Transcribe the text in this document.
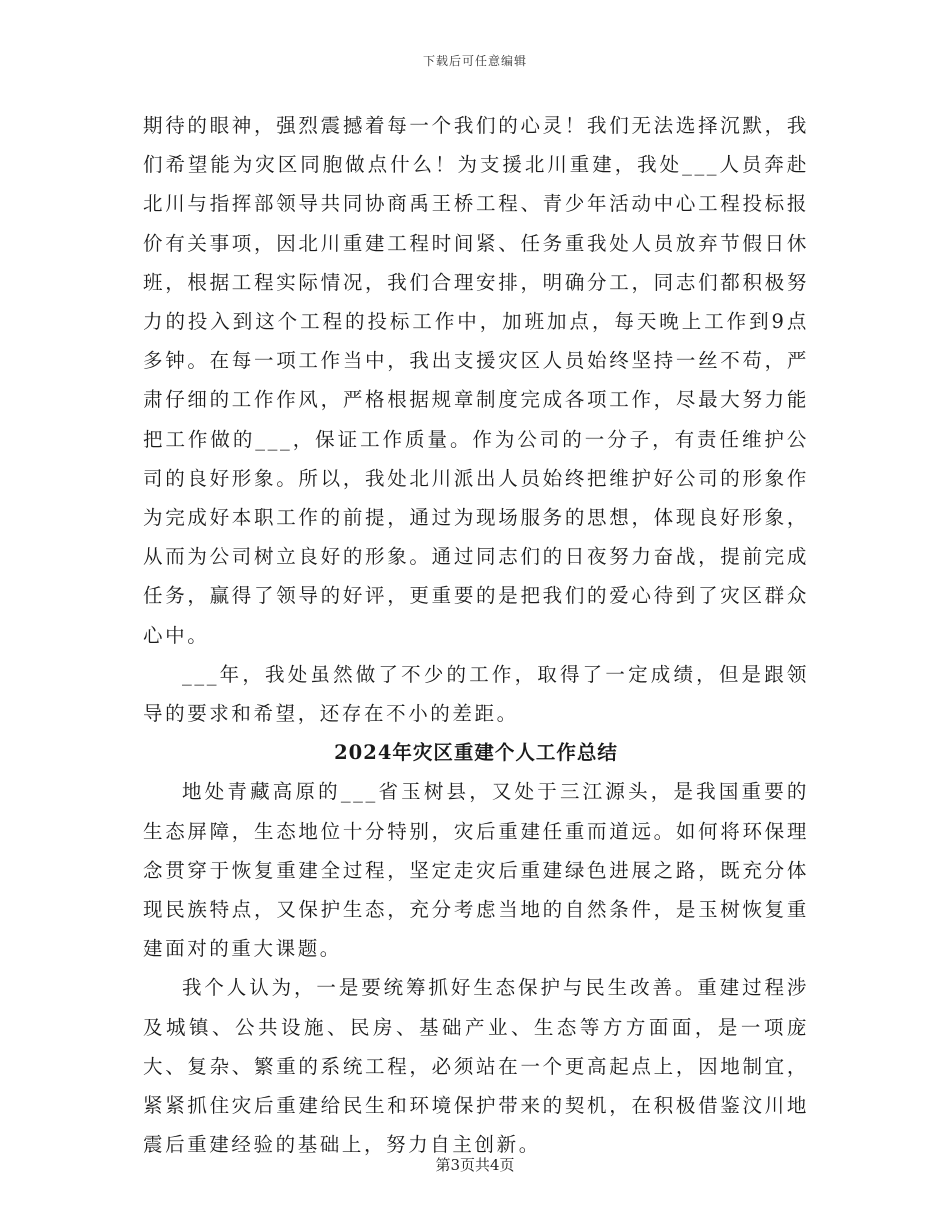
下载后可任意编辑

期待的眼神，强烈震撼着每一个我们的心灵！我们无法选择沉默，我们希望能为灾区同胞做点什么！为支援北川重建，我处___人员奔赴北川与指挥部领导共同协商禹王桥工程、青少年活动中心工程投标报价有关事项，因北川重建工程时间紧、任务重我处人员放弃节假日休班，根据工程实际情况，我们合理安排，明确分工，同志们都积极努力的投入到这个工程的投标工作中，加班加点，每天晚上工作到9点多钟。在每一项工作当中，我出支援灾区人员始终坚持一丝不苟，严肃仔细的工作作风，严格根据规章制度完成各项工作，尽最大努力能把工作做的___，保证工作质量。作为公司的一分子，有责任维护公司的良好形象。所以，我处北川派出人员始终把维护好公司的形象作为完成好本职工作的前提，通过为现场服务的思想，体现良好形象，从而为公司树立良好的形象。通过同志们的日夜努力奋战，提前完成任务，赢得了领导的好评，更重要的是把我们的爱心待到了灾区群众心中。

___年，我处虽然做了不少的工作，取得了一定成绩，但是跟领导的要求和希望，还存在不小的差距。

2024年灾区重建个人工作总结

地处青藏高原的___省玉树县，又处于三江源头，是我国重要的生态屏障，生态地位十分特别，灾后重建任重而道远。如何将环保理念贯穿于恢复重建全过程，坚定走灾后重建绿色进展之路，既充分体现民族特点，又保护生态，充分考虑当地的自然条件，是玉树恢复重建面对的重大课题。

我个人认为，一是要统筹抓好生态保护与民生改善。重建过程涉及城镇、公共设施、民房、基础产业、生态等方方面面，是一项庞大、复杂、繁重的系统工程，必须站在一个更高起点上，因地制宜，紧紧抓住灾后重建给民生和环境保护带来的契机，在积极借鉴汶川地震后重建经验的基础上，努力自主创新。

第3页共4页
